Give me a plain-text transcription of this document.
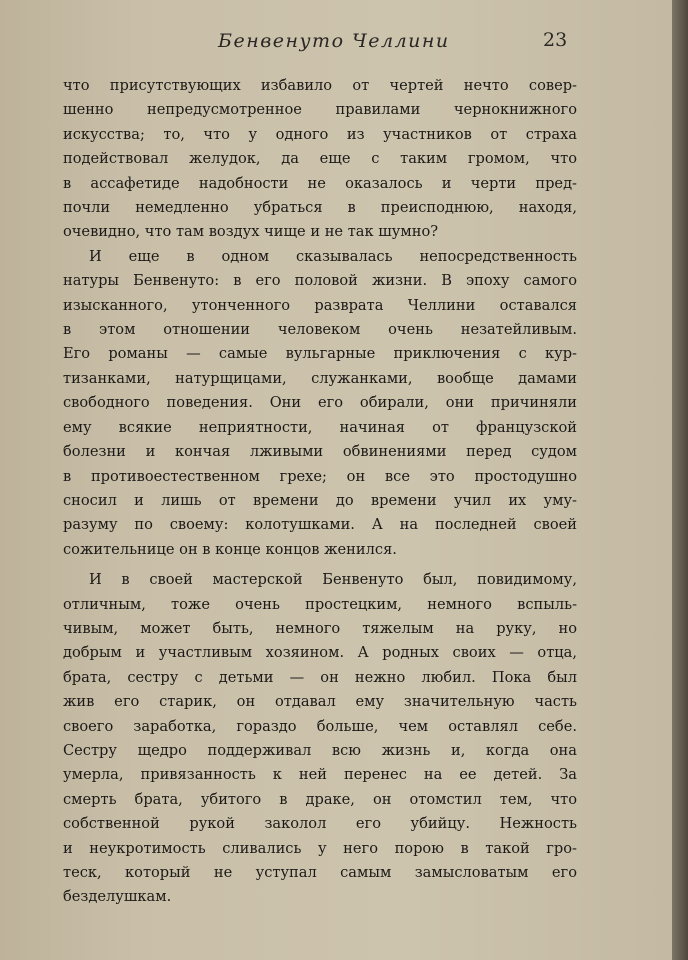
Бенвенуто Челлини	23
что присутствующих избавило от чертей нечто совер-
шенно непредусмотренное правилами чернокнижного
искусства; то, что у одного из участников от страха
подействовал желудок, да еще с таким громом, что
в ассафетиде надобности не оказалось и черти пред-
почли немедленно убраться в преисподнюю, находя,
очевидно, что там воздух чище и не так шумно?
И еще в одном сказывалась непосредственность
натуры Бенвенуто: в его половой жизни. В эпоху самого
изысканного, утонченного разврата Челлини оставался
в этом отношении человеком очень незатейливым.
Его романы — самые вульгарные приключения с кур-
тизанками, натурщицами, служанками, вообще дамами
свободного поведения. Они его обирали, они причиняли
ему всякие неприятности, начиная от французской
болезни и кончая лживыми обвинениями перед судом
в противоестественном грехе; он все это простодушно
сносил и лишь от времени до времени учил их уму-
разуму по своему: колотушками. А на последней своей
сожительнице он в конце концов женился.
И в своей мастерской Бенвенуто был, повидимому,
отличным, тоже очень простецким, немного вспыль-
чивым, может быть, немного тяжелым на руку, но
добрым и участливым хозяином. А родных своих — отца,
брата, сестру с детьми — он нежно любил. Пока был
жив его старик, он отдавал ему значительную часть
своего заработка, гораздо больше, чем оставлял себе.
Сестру щедро поддерживал всю жизнь и, когда она
умерла, привязанность к ней перенес на ее детей. За
смерть брата, убитого в драке, он отомстил тем, что
собственной рукой заколол его убийцу. Нежность
и неукротимость сливались у него порою в такой гро-
теск, который не уступал самым замысловатым его
безделушкам.
